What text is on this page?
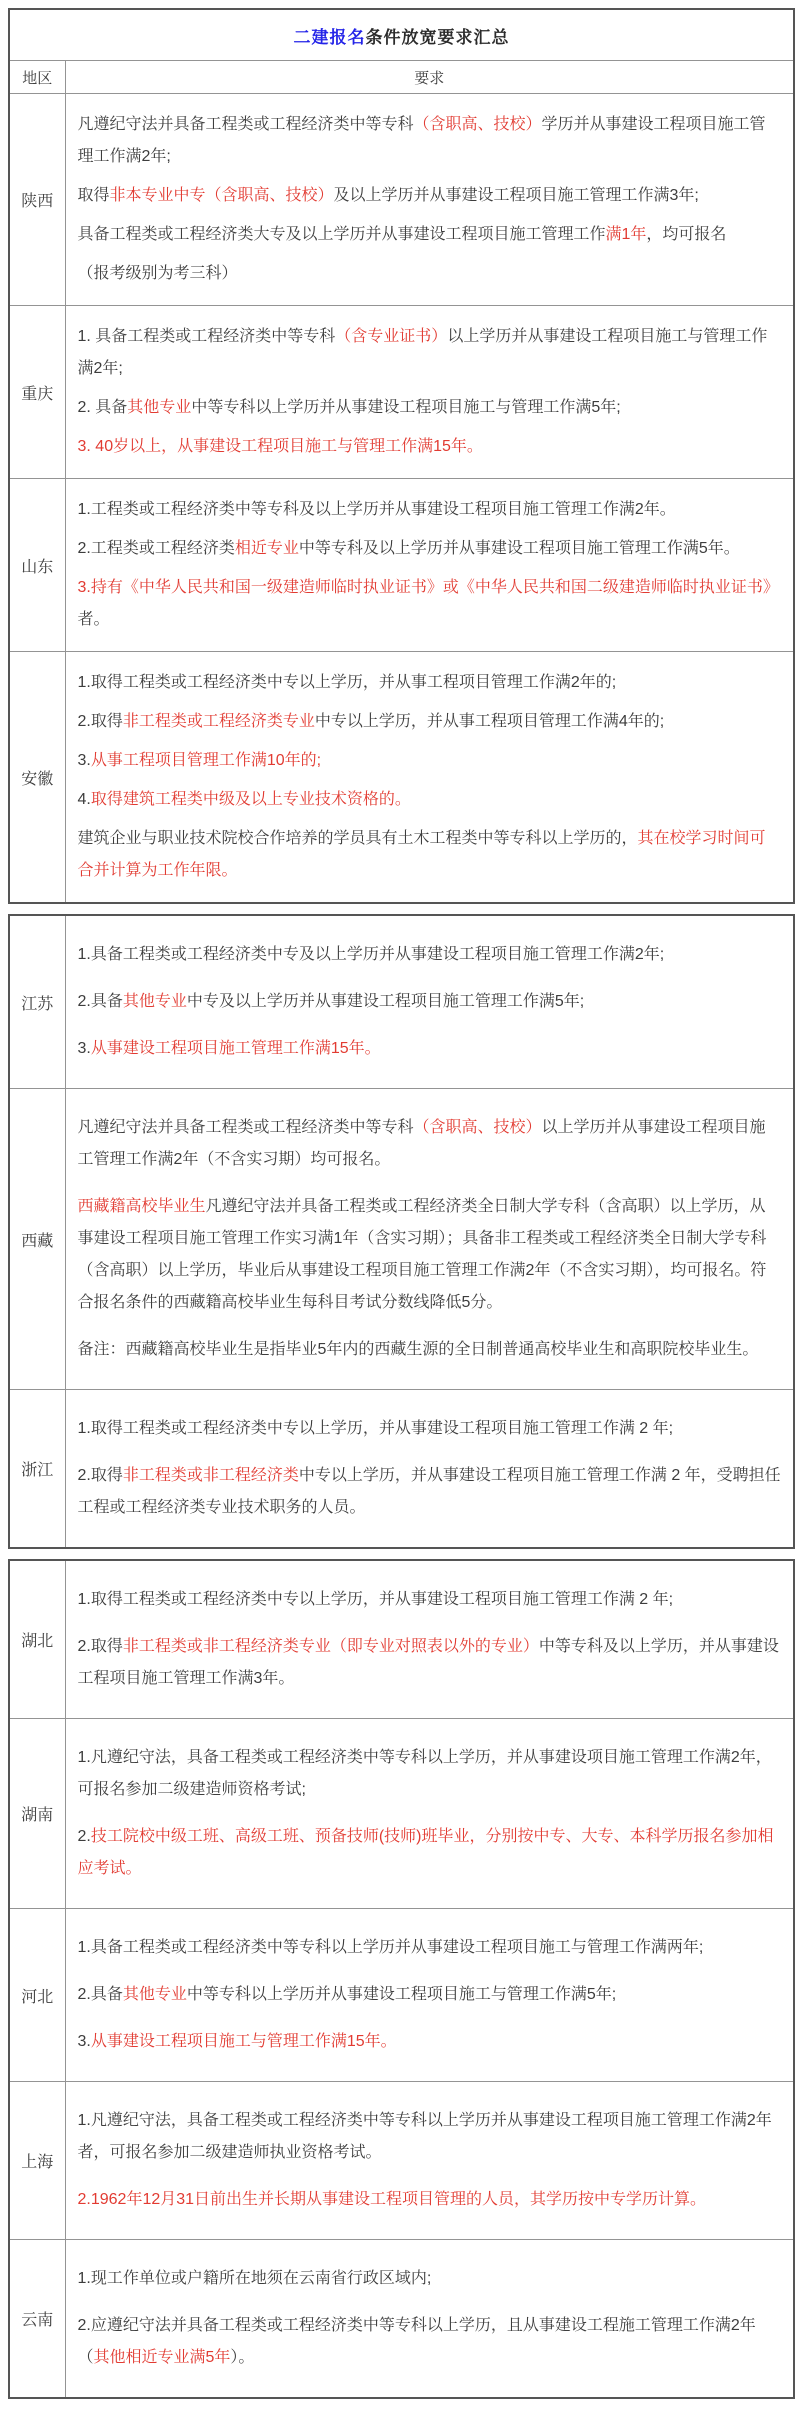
二建报名条件放宽要求汇总	
地区	要求
陕西	凡遵纪守法并具备工程类或工程经济类中等专科（含职高、技校）学历并从事建设工程项目施工管理工作满2年;

取得非本专业中专（含职高、技校）及以上学历并从事建设工程项目施工管理工作满3年;

具备工程类或工程经济类大专及以上学历并从事建设工程项目施工管理工作满1年，均可报名

（报考级别为考三科）

重庆	1. 具备工程类或工程经济类中等专科（含专业证书）以上学历并从事建设工程项目施工与管理工作满2年;

2. 具备其他专业中等专科以上学历并从事建设工程项目施工与管理工作满5年;

3. 40岁以上，从事建设工程项目施工与管理工作满15年。

山东	1.工程类或工程经济类中等专科及以上学历并从事建设工程项目施工管理工作满2年。

2.工程类或工程经济类相近专业中等专科及以上学历并从事建设工程项目施工管理工作满5年。

3.持有《中华人民共和国一级建造师临时执业证书》或《中华人民共和国二级建造师临时执业证书》者。

安徽	1.取得工程类或工程经济类中专以上学历，并从事工程项目管理工作满2年的;

2.取得非工程类或工程经济类专业中专以上学历，并从事工程项目管理工作满4年的;

3.从事工程项目管理工作满10年的;

4.取得建筑工程类中级及以上专业技术资格的。

建筑企业与职业技术院校合作培养的学员具有土木工程类中等专科以上学历的，其在校学习时间可合并计算为工作年限。

江苏	1.具备工程类或工程经济类中专及以上学历并从事建设工程项目施工管理工作满2年;

2.具备其他专业中专及以上学历并从事建设工程项目施工管理工作满5年;

3.从事建设工程项目施工管理工作满15年。

西藏	凡遵纪守法并具备工程类或工程经济类中等专科（含职高、技校）以上学历并从事建设工程项目施工管理工作满2年（不含实习期）均可报名。

西藏籍高校毕业生凡遵纪守法并具备工程类或工程经济类全日制大学专科（含高职）以上学历，从事建设工程项目施工管理工作实习满1年（含实习期）；具备非工程类或工程经济类全日制大学专科（含高职）以上学历，毕业后从事建设工程项目施工管理工作满2年（不含实习期），均可报名。符合报名条件的西藏籍高校毕业生每科目考试分数线降低5分。

备注：西藏籍高校毕业生是指毕业5年内的西藏生源的全日制普通高校毕业生和高职院校毕业生。

浙江	1.取得工程类或工程经济类中专以上学历，并从事建设工程项目施工管理工作满 2 年;

2.取得非工程类或非工程经济类中专以上学历，并从事建设工程项目施工管理工作满 2 年，受聘担任工程或工程经济类专业技术职务的人员。

湖北	1.取得工程类或工程经济类中专以上学历，并从事建设工程项目施工管理工作满 2 年;

2.取得非工程类或非工程经济类专业（即专业对照表以外的专业）中等专科及以上学历，并从事建设工程项目施工管理工作满3年。

湖南	1.凡遵纪守法，具备工程类或工程经济类中等专科以上学历，并从事建设项目施工管理工作满2年，可报名参加二级建造师资格考试;

2.技工院校中级工班、高级工班、预备技师(技师)班毕业，分别按中专、大专、本科学历报名参加相应考试。

河北	1.具备工程类或工程经济类中等专科以上学历并从事建设工程项目施工与管理工作满两年;

2.具备其他专业中等专科以上学历并从事建设工程项目施工与管理工作满5年;

3.从事建设工程项目施工与管理工作满15年。

上海	1.凡遵纪守法，具备工程类或工程经济类中等专科以上学历并从事建设工程项目施工管理工作满2年者，可报名参加二级建造师执业资格考试。

2.1962年12月31日前出生并长期从事建设工程项目管理的人员，其学历按中专学历计算。

云南	1.现工作单位或户籍所在地须在云南省行政区域内;

2.应遵纪守法并具备工程类或工程经济类中等专科以上学历，且从事建设工程施工管理工作满2年（其他相近专业满5年）。
